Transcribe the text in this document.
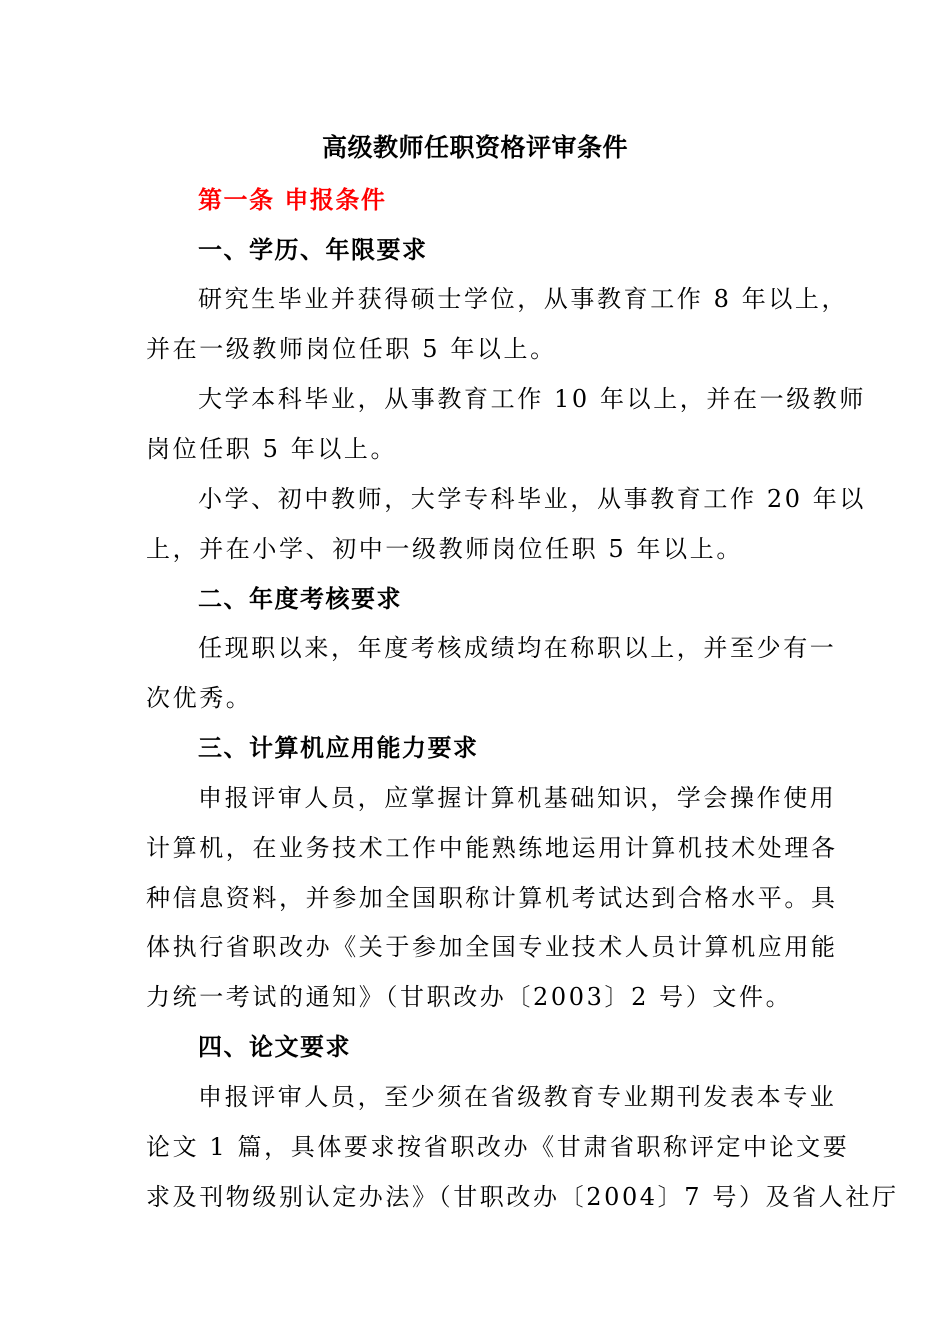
高级教师任职资格评审条件
第一条 申报条件
一、学历、年限要求
研究生毕业并获得硕士学位，从事教育工作 8 年以上，
并在一级教师岗位任职 5 年以上。
大学本科毕业，从事教育工作 10 年以上，并在一级教师
岗位任职 5 年以上。
小学、初中教师，大学专科毕业，从事教育工作 20 年以
上，并在小学、初中一级教师岗位任职 5 年以上。
二、年度考核要求
任现职以来，年度考核成绩均在称职以上，并至少有一
次优秀。
三、计算机应用能力要求
申报评审人员，应掌握计算机基础知识，学会操作使用
计算机，在业务技术工作中能熟练地运用计算机技术处理各
种信息资料，并参加全国职称计算机考试达到合格水平。具
体执行省职改办《关于参加全国专业技术人员计算机应用能
力统一考试的通知》（甘职改办〔2003〕2 号）文件。
四、论文要求
申报评审人员，至少须在省级教育专业期刊发表本专业
论文 1 篇，具体要求按省职改办《甘肃省职称评定中论文要
求及刊物级别认定办法》（甘职改办〔2004〕7 号）及省人社厅
